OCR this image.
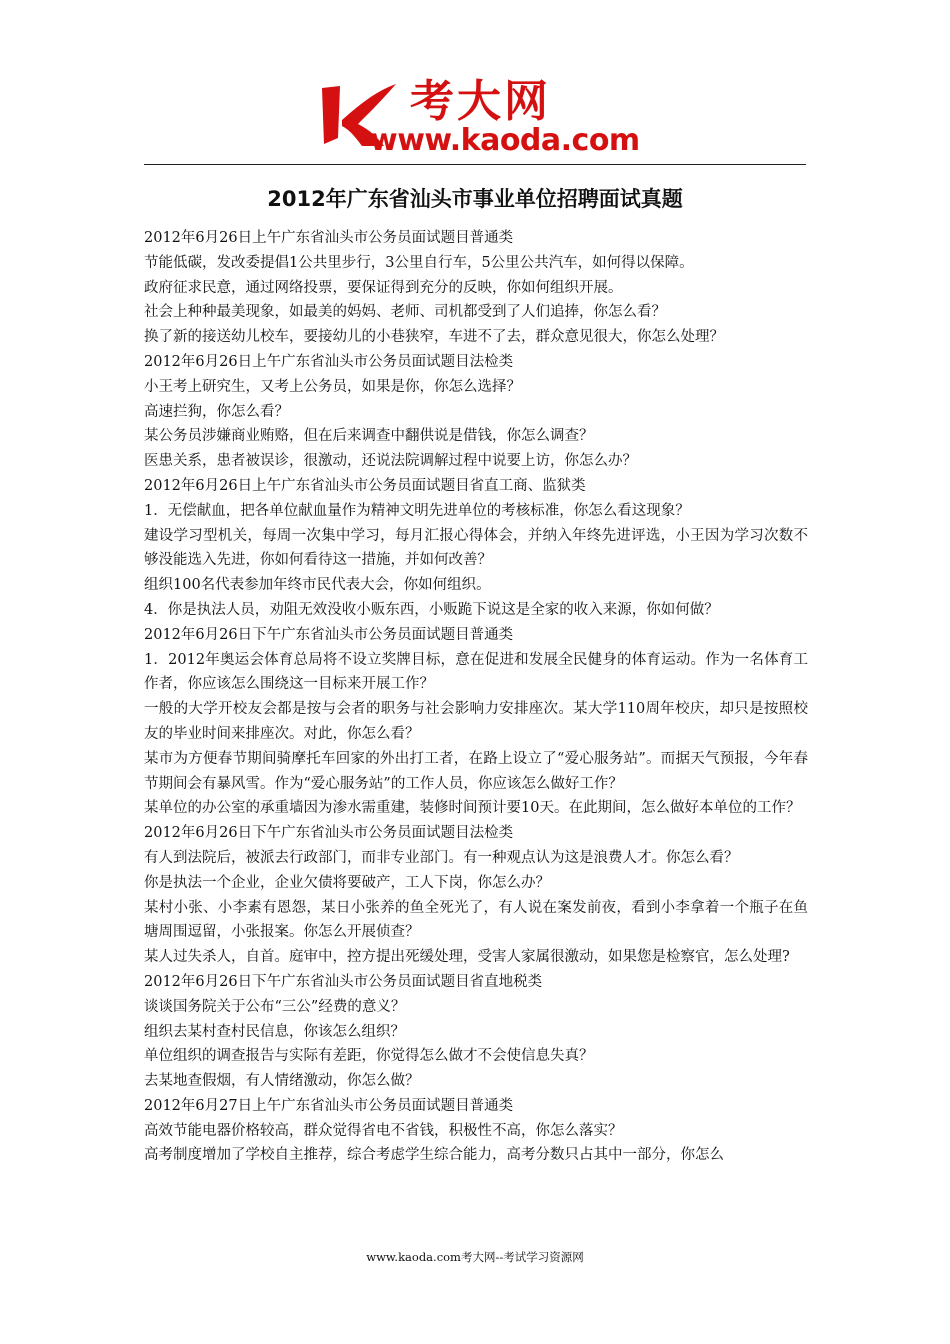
考大网
www.kaoda.com
2012年广东省汕头市事业单位招聘面试真题

2012年6月26日上午广东省汕头市公务员面试题目普通类

节能低碳，发改委提倡1公共里步行，3公里自行车，5公里公共汽车，如何得以保障。

政府征求民意，通过网络投票，要保证得到充分的反映，你如何组织开展。

社会上种种最美现象，如最美的妈妈、老师、司机都受到了人们追捧，你怎么看？

换了新的接送幼儿校车，要接幼儿的小巷狭窄，车进不了去，群众意见很大，你怎么处理？

2012年6月26日上午广东省汕头市公务员面试题目法检类

小王考上研究生，又考上公务员，如果是你，你怎么选择？

高速拦狗，你怎么看？

某公务员涉嫌商业贿赂，但在后来调查中翻供说是借钱，你怎么调查？

医患关系，患者被误诊，很激动，还说法院调解过程中说要上访，你怎么办？

2012年6月26日上午广东省汕头市公务员面试题目省直工商、监狱类

1．无偿献血，把各单位献血量作为精神文明先进单位的考核标准，你怎么看这现象？

建设学习型机关，每周一次集中学习，每月汇报心得体会，并纳入年终先进评选，小王因为学习次数不够没能选入先进，你如何看待这一措施，并如何改善？

组织100名代表参加年终市民代表大会，你如何组织。

4．你是执法人员，劝阻无效没收小贩东西，小贩跪下说这是全家的收入来源，你如何做？

2012年6月26日下午广东省汕头市公务员面试题目普通类

1．2012年奥运会体育总局将不设立奖牌目标，意在促进和发展全民健身的体育运动。作为一名体育工作者，你应该怎么围绕这一目标来开展工作？

一般的大学开校友会都是按与会者的职务与社会影响力安排座次。某大学110周年校庆，却只是按照校友的毕业时间来排座次。对此，你怎么看？

某市为方便春节期间骑摩托车回家的外出打工者，在路上设立了“爱心服务站”。而据天气预报，今年春节期间会有暴风雪。作为“爱心服务站”的工作人员，你应该怎么做好工作？

某单位的办公室的承重墙因为渗水需重建，装修时间预计要10天。在此期间，怎么做好本单位的工作？

2012年6月26日下午广东省汕头市公务员面试题目法检类

有人到法院后，被派去行政部门，而非专业部门。有一种观点认为这是浪费人才。你怎么看？

你是执法一个企业，企业欠债将要破产，工人下岗，你怎么办？

某村小张、小李素有恩怨，某日小张养的鱼全死光了，有人说在案发前夜，看到小李拿着一个瓶子在鱼塘周围逗留，小张报案。你怎么开展侦查？

某人过失杀人，自首。庭审中，控方提出死缓处理，受害人家属很激动，如果您是检察官，怎么处理?

2012年6月26日下午广东省汕头市公务员面试题目省直地税类

谈谈国务院关于公布“三公”经费的意义？

组织去某村查村民信息，你该怎么组织？

单位组织的调查报告与实际有差距，你觉得怎么做才不会使信息失真？

去某地查假烟，有人情绪激动，你怎么做？

2012年6月27日上午广东省汕头市公务员面试题目普通类

高效节能电器价格较高，群众觉得省电不省钱，积极性不高，你怎么落实？

高考制度增加了学校自主推荐，综合考虑学生综合能力，高考分数只占其中一部分，你怎么

www.kaoda.com考大网--考试学习资源网
